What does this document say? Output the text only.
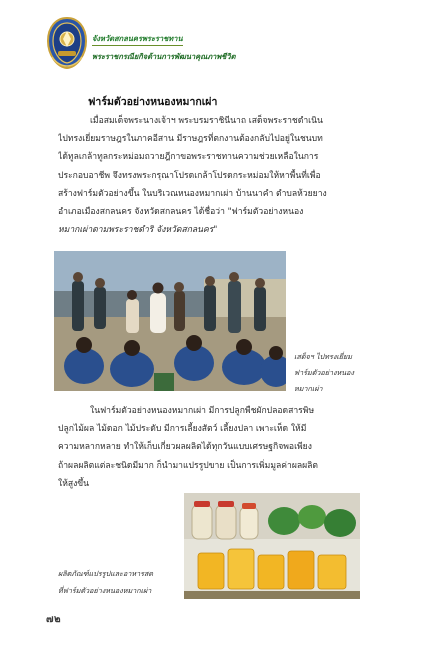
จังหวัดสกลนครพระราชทาน
พระราชกรณียกิจด้านการพัฒนาคุณภาพชีวิต
ฟาร์มตัวอย่างหนองหมากเผ่า
เมื่อสมเด็จพระนางเจ้าฯ พระบรมราชินีนาถ เสด็จพระราชดำเนิน
ไปทรงเยี่ยมราษฎรในภาคอีสาน มีราษฎรที่ตกงานต้องกลับไปอยู่ในชนบท
ได้ทูลเกล้าทูลกระหม่อมถวายฎีกาขอพระราชทานความช่วยเหลือในการ
ประกอบอาชีพ จึงทรงพระกรุณาโปรดเกล้าโปรดกระหม่อมให้หาพื้นที่เพื่อ
สร้างฟาร์มตัวอย่างขึ้น ในบริเวณหนองหมากเผ่า บ้านนาคำ ตำบลห้วยยาง
อำเภอเมืองสกลนคร จังหวัดสกลนคร ได้ชื่อว่า "ฟาร์มตัวอย่างหนอง
หมากเผ่าตามพระราชดำริ จังหวัดสกลนคร"
เสด็จฯ ไปทรงเยี่ยม
ฟาร์มตัวอย่างหนอง
หมากเผ่า
ในฟาร์มตัวอย่างหนองหมากเผ่า มีการปลูกพืชผักปลอดสารพิษ
ปลูกไม้ผล ไม้ดอก ไม้ประดับ มีการเลี้ยงสัตว์ เลี้ยงปลา เพาะเห็ด ให้มี
ความหลากหลาย ทำให้เก็บเกี่ยวผลผลิตได้ทุกวันแบบเศรษฐกิจพอเพียง
ถ้าผลผลิตแต่ละชนิดมีมาก ก็นำมาแปรรูปขาย เป็นการเพิ่มมูลค่าผลผลิต
ให้สูงขึ้น
ผลิตภัณฑ์แปรรูปและอาหารสด
ที่ฟาร์มตัวอย่างหนองหมากเผ่า
๗๒
